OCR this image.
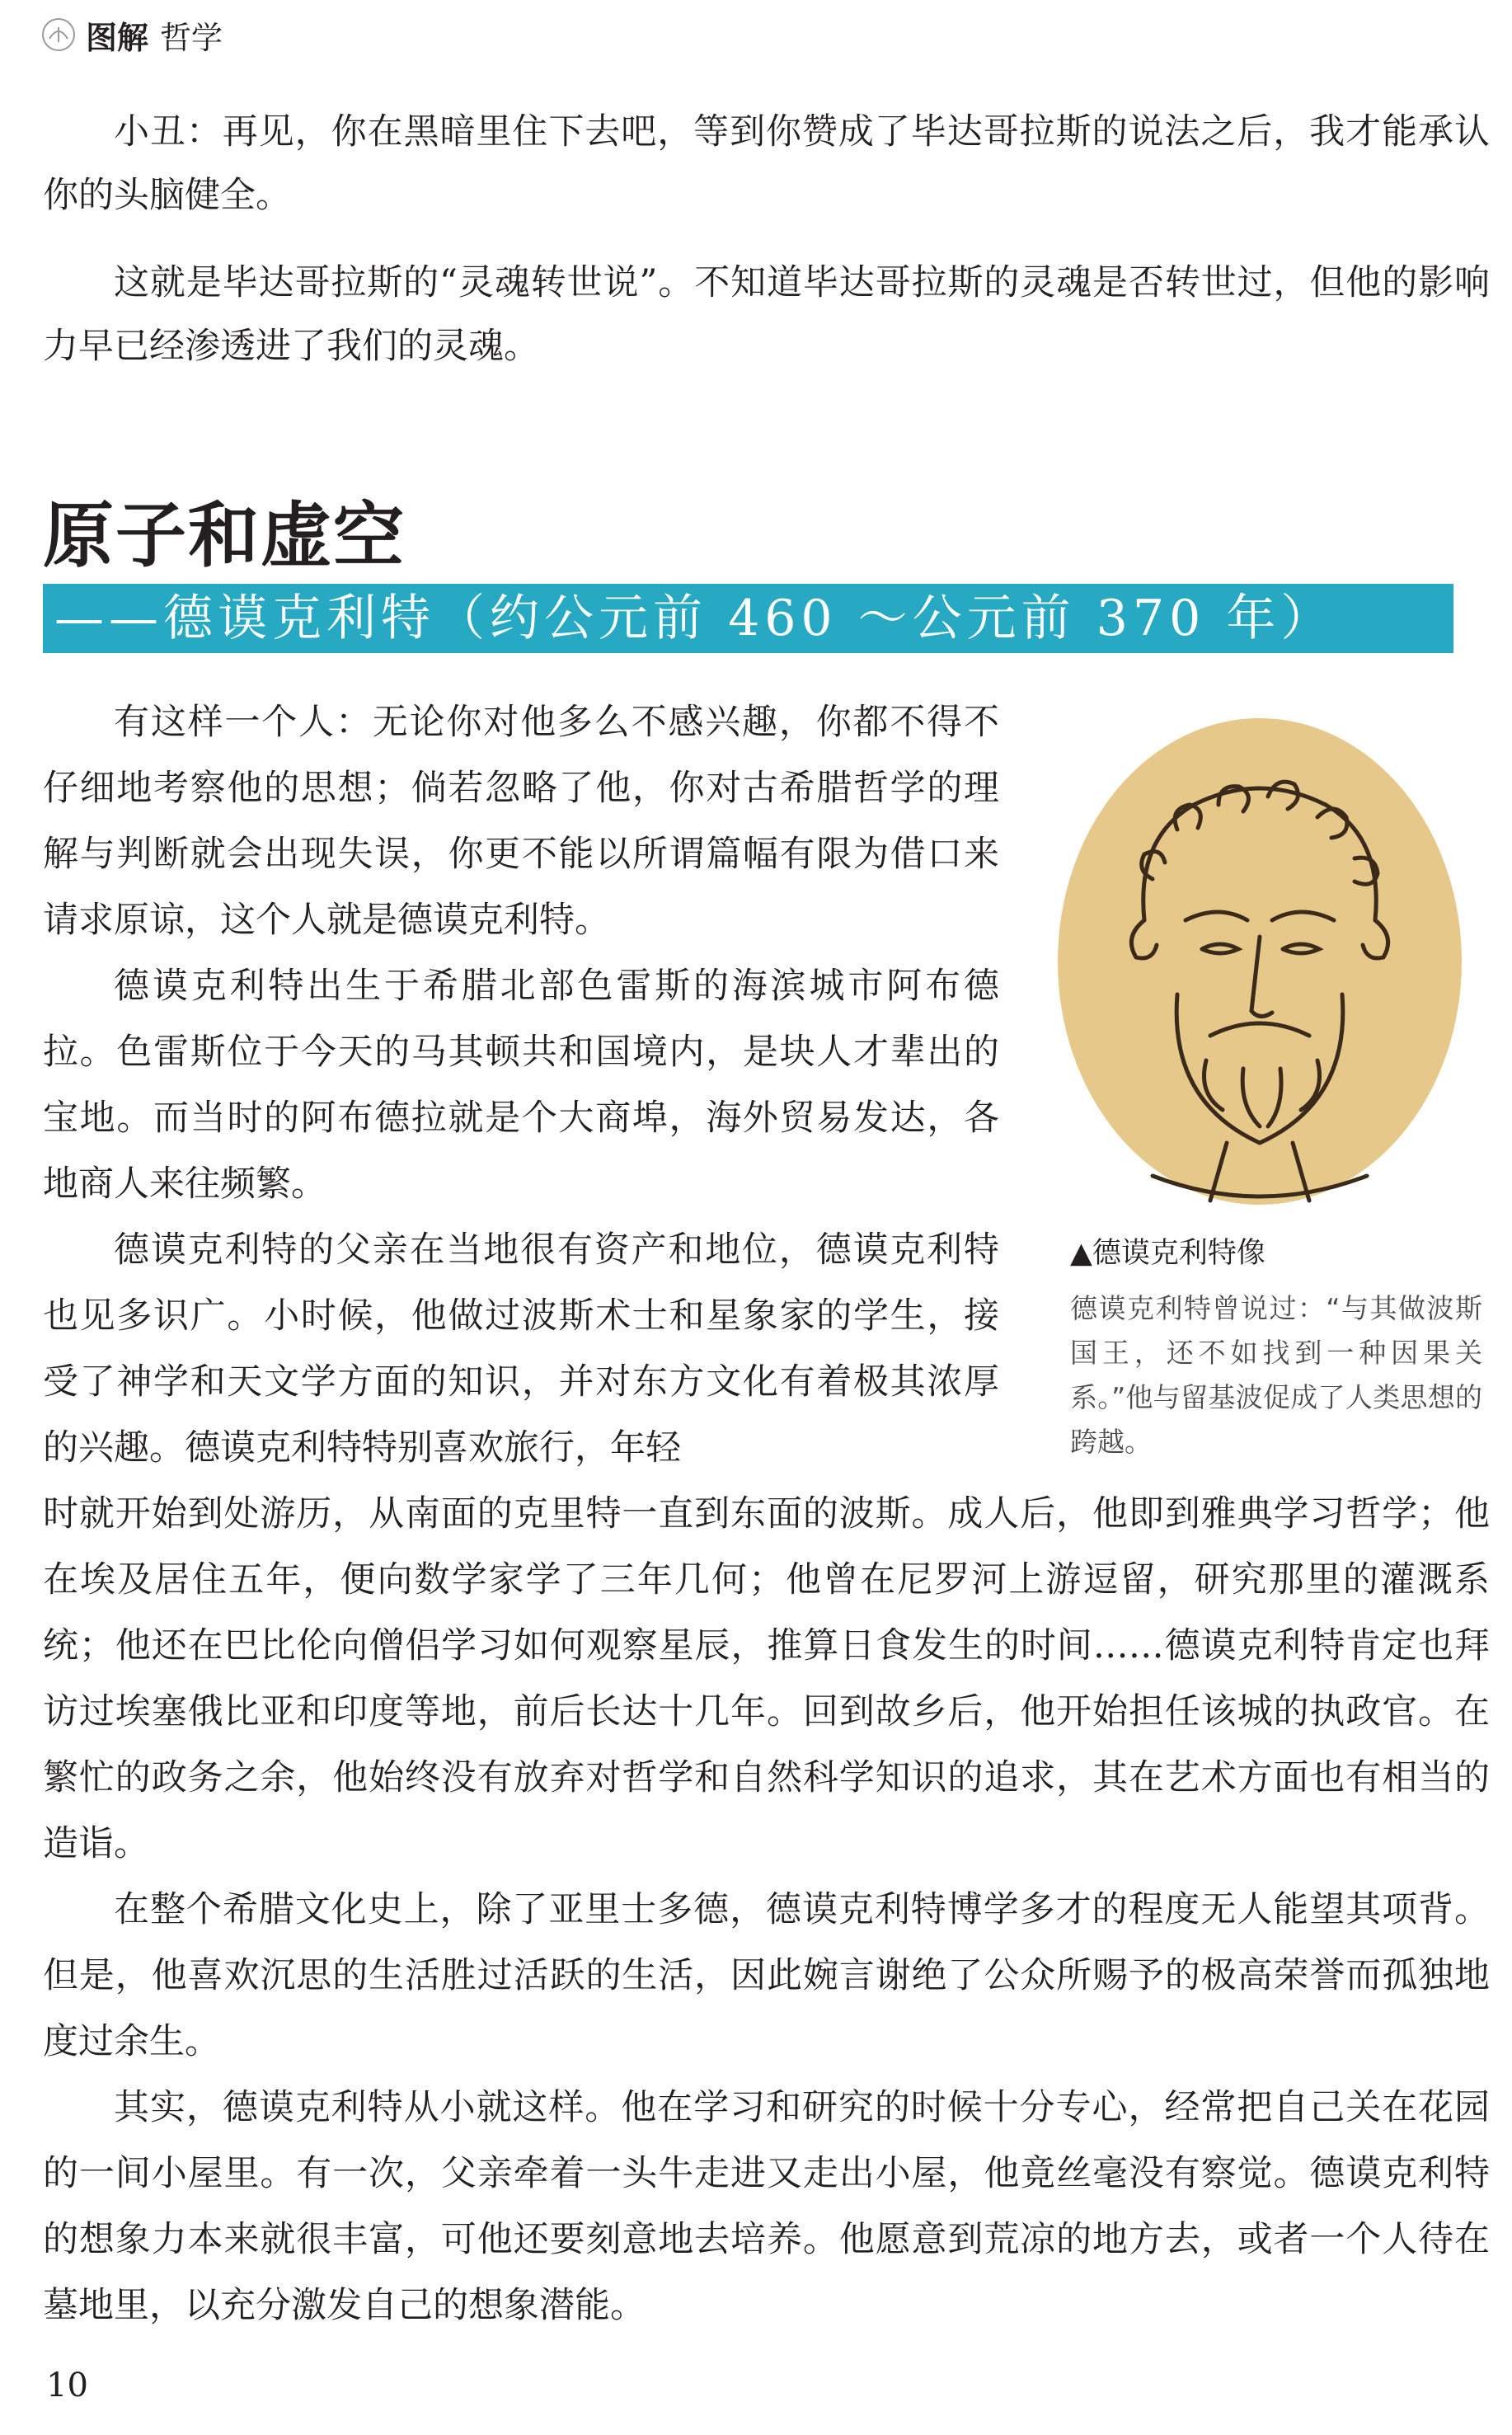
图解 哲学

小丑：再见，你在黑暗里住下去吧，等到你赞成了毕达哥拉斯的说法之后，我才能承认你的头脑健全。

这就是毕达哥拉斯的“灵魂转世说”。不知道毕达哥拉斯的灵魂是否转世过，但他的影响力早已经渗透进了我们的灵魂。

原子和虚空

——德谟克利特（约公元前 460 ～公元前 370 年）

有这样一个人：无论你对他多么不感兴趣，你都不得不仔细地考察他的思想；倘若忽略了他，你对古希腊哲学的理解与判断就会出现失误，你更不能以所谓篇幅有限为借口来请求原谅，这个人就是德谟克利特。

德谟克利特出生于希腊北部色雷斯的海滨城市阿布德拉。色雷斯位于今天的马其顿共和国境内，是块人才辈出的宝地。而当时的阿布德拉就是个大商埠，海外贸易发达，各地商人来往频繁。

德谟克利特的父亲在当地很有资产和地位，德谟克利特也见多识广。小时候，他做过波斯术士和星象家的学生，接受了神学和天文学方面的知识，并对东方文化有着极其浓厚的兴趣。德谟克利特特别喜欢旅行，年轻

时就开始到处游历，从南面的克里特一直到东面的波斯。成人后，他即到雅典学习哲学；他在埃及居住五年，便向数学家学了三年几何；他曾在尼罗河上游逗留，研究那里的灌溉系统；他还在巴比伦向僧侣学习如何观察星辰，推算日食发生的时间……德谟克利特肯定也拜访过埃塞俄比亚和印度等地，前后长达十几年。回到故乡后，他开始担任该城的执政官。在繁忙的政务之余，他始终没有放弃对哲学和自然科学知识的追求，其在艺术方面也有相当的造诣。

在整个希腊文化史上，除了亚里士多德，德谟克利特博学多才的程度无人能望其项背。但是，他喜欢沉思的生活胜过活跃的生活，因此婉言谢绝了公众所赐予的极高荣誉而孤独地度过余生。

其实，德谟克利特从小就这样。他在学习和研究的时候十分专心，经常把自己关在花园的一间小屋里。有一次，父亲牵着一头牛走进又走出小屋，他竟丝毫没有察觉。德谟克利特的想象力本来就很丰富，可他还要刻意地去培养。他愿意到荒凉的地方去，或者一个人待在墓地里，以充分激发自己的想象潜能。

▲德谟克利特像

德谟克利特曾说过：“与其做波斯国王，还不如找到一种因果关系。”他与留基波促成了人类思想的跨越。

10
